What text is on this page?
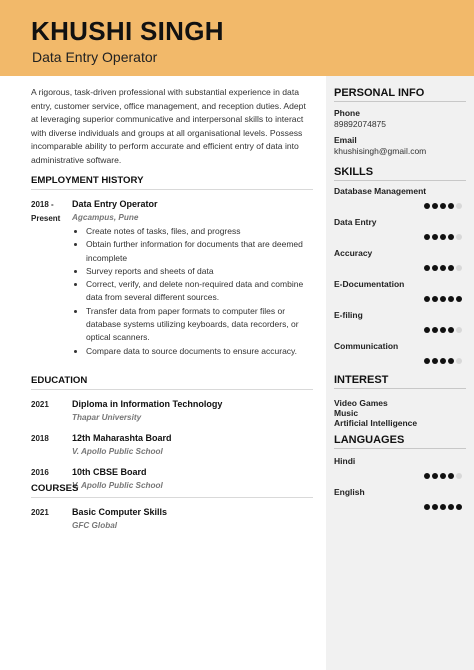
KHUSHI SINGH

Data Entry Operator

A rigorous, task-driven professional with substantial experience in data entry, customer service, office management, and reception duties. Adept at leveraging superior communicative and interpersonal skills to interact with diverse individuals and groups at all organisational levels. Possess incomparable ability to perform accurate and efficient entry of data into administrative software.

EMPLOYMENT HISTORY
2018 - Present
Data Entry Operator
Agcampus, Pune
• Create notes of tasks, files, and progress
• Obtain further information for documents that are deemed incomplete
• Survey reports and sheets of data
• Correct, verify, and delete non-required data and combine data from several different sources.
• Transfer data from paper formats to computer files or database systems utilizing keyboards, data recorders, or optical scanners.
• Compare data to source documents to ensure accuracy.
EDUCATION
2021	Diploma in Information Technology
Thapar University
2018	12th Maharashta Board
V. Apollo Public School
2016	10th CBSE Board
V. Apollo Public School
COURSES
2021	Basic Computer Skills
GFC Global
PERSONAL INFO
Phone
89892074875
Email
khushisingh@gmail.com
SKILLS
Database Management
Data Entry
Accuracy
E-Documentation
E-filing
Communication
INTEREST
Video Games
Music
Artificial Intelligence
LANGUAGES
Hindi
English
